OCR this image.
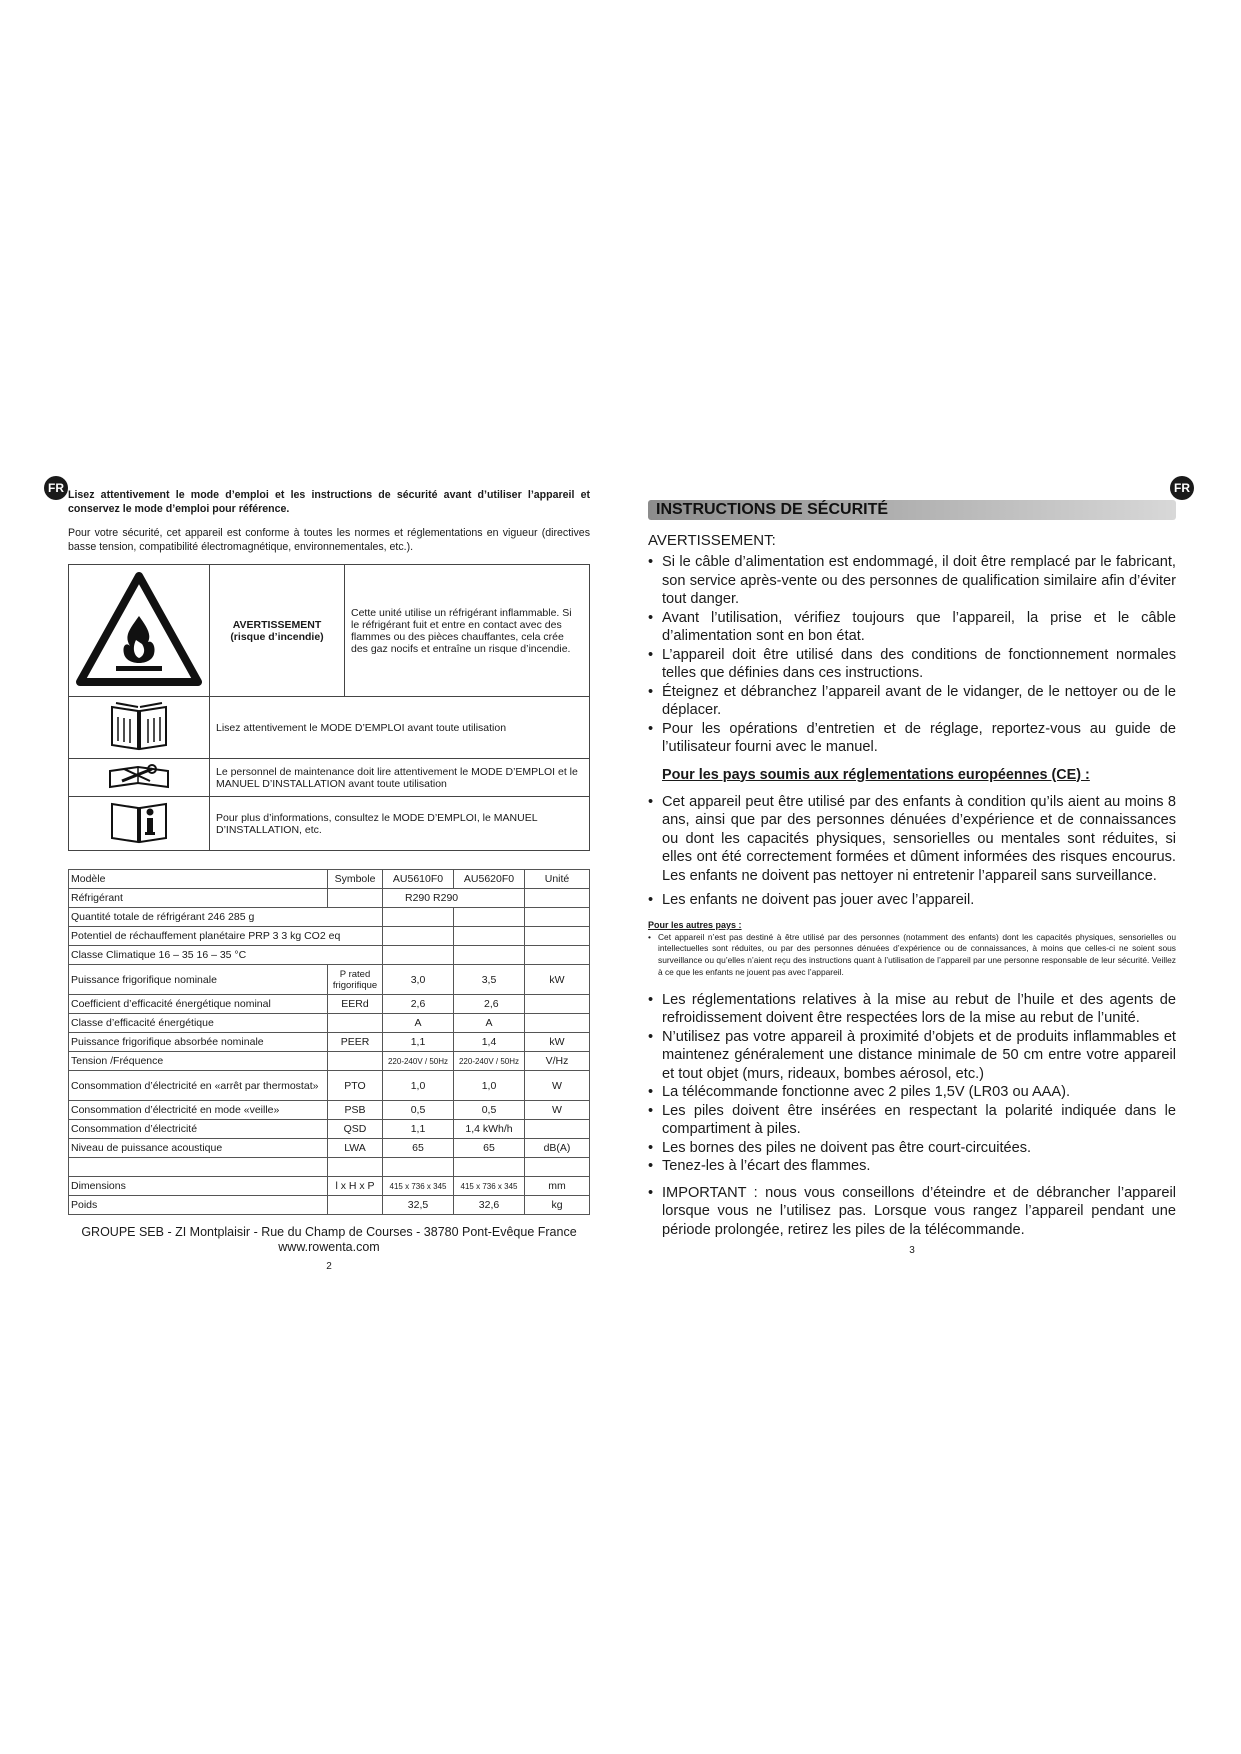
FR	FR

Lisez attentivement le mode d’emploi et les instructions de sécurité avant d’utiliser l’appareil et conservez le mode d’emploi pour référence.

Pour votre sécurité, cet appareil est conforme à toutes les normes et réglementations en vigueur (directives basse tension, compatibilité électromagnétique, environnementales, etc.).

AVERTISSEMENT
(risque d’incendie)	Cette unité utilise un réfrigérant inflammable. Si le réfrigérant fuit et entre en contact avec des flammes ou des pièces chauffantes, cela crée des gaz nocifs et entraîne un risque d’incendie.
	Lisez attentivement le MODE D’EMPLOI avant toute utilisation	
	Le personnel de maintenance doit lire attentivement le MODE D’EMPLOI et le MANUEL D’INSTALLATION avant toute utilisation	
	Pour plus d’informations, consultez le MODE D’EMPLOI, le MANUEL D’INSTALLATION, etc.	
Modèle	Symbole	AU5610F0	AU5620F0	Unité
Réfrigérant		R290 R290		
Quantité totale de réfrigérant 246 285 g				
Potentiel de réchauffement planétaire PRP 3 3 kg CO2 eq				
Classe Climatique 16 – 35 16 – 35 °C				
Puissance frigorifique nominale	P rated frigorifique	3,0	3,5	kW
Coefficient d’efficacité énergétique nominal	EERd	2,6	2,6	
Classe d’efficacité énergétique		A	A	
Puissance frigorifique absorbée nominale	PEER	1,1	1,4	kW
Tension /Fréquence		220-240V / 50Hz	220-240V / 50Hz	V/Hz
Consommation d’électricité en «arrêt par thermostat»	PTO	1,0	1,0	W
Consommation d’électricité en mode «veille»	PSB	0,5	0,5	W
Consommation d’électricité	QSD	1,1	1,4 kWh/h	
Niveau de puissance acoustique	LWA	65	65	dB(A)

Dimensions	l x H x P	415 x 736 x 345	415 x 736 x 345	mm
Poids		32,5	32,6	kg
GROUPE SEB - ZI Montplaisir - Rue du Champ de Courses - 38780 Pont-Evêque France
www.rowenta.com
2
INSTRUCTIONS DE SÉCURITÉ
AVERTISSEMENT:
• Si le câble d’alimentation est endommagé, il doit être remplacé par le fabricant, son service après-vente ou des personnes de qualification similaire afin d’éviter tout danger.
• Avant l’utilisation, vérifiez toujours que l’appareil, la prise et le câble d’alimentation sont en bon état.
• L’appareil doit être utilisé dans des conditions de fonctionnement normales telles que définies dans ces instructions.
• Éteignez et débranchez l’appareil avant de le vidanger, de le nettoyer ou de le déplacer.
• Pour les opérations d’entretien et de réglage, reportez-vous au guide de l’utilisateur fourni avec le manuel.
Pour les pays soumis aux réglementations européennes (CE) :
• Cet appareil peut être utilisé par des enfants à condition qu’ils aient au moins 8 ans, ainsi que par des personnes dénuées d’expérience et de connaissances ou dont les capacités physiques, sensorielles ou mentales sont réduites, si elles ont été correctement formées et dûment informées des risques encourus. Les enfants ne doivent pas nettoyer ni entretenir l’appareil sans surveillance.
• Les enfants ne doivent pas jouer avec l’appareil.
Pour les autres pays :
• Cet appareil n’est pas destiné à être utilisé par des personnes (notamment des enfants) dont les capacités physiques, sensorielles ou intellectuelles sont réduites, ou par des personnes dénuées d’expérience ou de connaissances, à moins que celles-ci ne soient sous surveillance ou qu’elles n’aient reçu des instructions quant à l’utilisation de l’appareil par une personne responsable de leur sécurité. Veillez à ce que les enfants ne jouent pas avec l’appareil.
• Les réglementations relatives à la mise au rebut de l’huile et des agents de refroidissement doivent être respectées lors de la mise au rebut de l’unité.
• N’utilisez pas votre appareil à proximité d’objets et de produits inflammables et maintenez généralement une distance minimale de 50 cm entre votre appareil et tout objet (murs, rideaux, bombes aérosol, etc.)
• La télécommande fonctionne avec 2 piles 1,5V (LR03 ou AAA).
• Les piles doivent être insérées en respectant la polarité indiquée dans le compartiment à piles.
• Les bornes des piles ne doivent pas être court-circuitées.
• Tenez-les à l’écart des flammes.
• IMPORTANT : nous vous conseillons d’éteindre et de débrancher l’appareil lorsque vous ne l’utilisez pas. Lorsque vous rangez l’appareil pendant une période prolongée, retirez les piles de la télécommande.
3
